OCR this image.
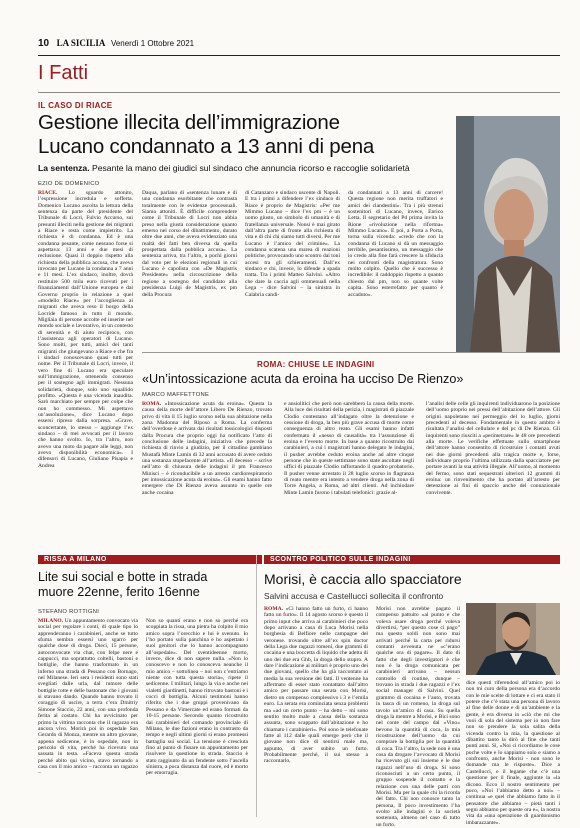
10 LA SICILIA Venerdì 1 Ottobre 2021
I Fatti
IL CASO DI RIACE
Gestione illecita dell’immigrazione
Lucano condannato a 13 anni di pena
La sentenza. Pesante la mano dei giudici sul sindaco che annuncia ricorso e raccoglie solidarietà
EZIO DE DOMENICO

RIACE. Lo sguardo attonito, l’espressione incredula e sofferta. Domenico Lucano ascolta la lettura della sentenza da parte del presidente del Tribunale di Locri, Fulvio Accurso, sui presunti illeciti nella gestione dei migranti a Riace e resta come impietrito. La richiesta è di condanna. Ed è una condanna pesante, come nessuno forse si aspettava: 13 anni e due mesi di reclusione. Quasi il doppio rispetto alla richiesta della pubblica accusa, che aveva invocato per Lucano la condanna a 7 anni e 11 mesi. L’ex sindaco, inoltre, dovrà restituire 500 mila euro ricevuti per i finanziamenti dall’Unione europea e dal Governo proprio in relazione a quel «modello Riace» per l’accoglienza ai migranti che aveva reso il borgo della Locride famoso in tutto il mondo. Migliaia di persone accolte ed inserite nel mondo sociale e lavorativo, in un contesto di serenità e di aiuto reciproco, con l’assistenza agli operatori di Lucano. Sono molti, per tutti, amici dei tanti migranti che giungevano a Riace e che fra i sindaci conoscevano quasi tutti per nome. Per il Tribunale di Locri, invece, il vero fine di Lucano era speculare sull’immigrazione, ottenendo consenso per il sostegno agli immigrati. Nessuna solidarietà, dunque, solo uno squallido profitto. «Questa è una vicenda inaudita. Sarò marchiato per sempre per colpe che non ho commesso. Mi aspettavo un’assoluzione», dice Lucano dopo essersi ripreso dalla sorpresa. «Grave, sconcertante, lo stesso – aggiunge l’ex sindaco – di mei avvocati per il lavoro che hanno svolto. Io, tra l’altro, non avevo una moto da pagare alle leggi, non avevo disponibilità economica». I difensori di Lucano, Giuliano Pisapia e Andrea

Daqua, parlano di «sentenza lunare e di una condanna esorbitante che contrasta totalmente con le evidenze processuali. Siamo attoniti. È difficile comprendere come il Tribunale di Locri non abbia preso nella giusta considerazione quanto emerso nel corso del dibattimento, durato oltre due anni, che aveva evidenziato una realtà dei fatti ben diversa da quella prospettata dalla pubblica accusa». La sentenza arriva, tra l’altro, a pochi giorni dal voto per le elezioni regionali in cui Lucano è capolista con «De Magistris Presidente» nella circoscrizione della regione a sostegno del candidato alla presidenza Luigi de Magistris, ex pm della Procura

di Catanzaro e sindaco uscente di Napoli. E tra i primi a difendere l’ex sindaco di Riace è proprio de Magistris: «Per me Mimmo Lucano – dice l’ex pm – è un uomo giusto, un simbolo di umanità e di fratellanza universale. Nonsi è mai girato dall’altra parte di fronte alla richiesta di vita e di chi chi siamo tutti diversi. Per me Lucano è l’amico del crimine». La condanna scatena una marea di reazioni politiche, provocando uno scontro dai toni accesi tra gli schieramenti. Dall’ex sindaco e chi, invece, lo difende a spada tratta. Tra i primi Matteo Salvini. «Altro che dare la caccia agli ommenuali nella Lega – dice Salvini – la sinistra in Calabria candi-

da condannati a 13 anni di carcere! Questa regione non merita truffatori e amici dei clandestini». Tra i più strenui sostenitori di Lucano, invece, Enrico Letta. Il segretario del Pd prima invita la Rione «rivoluzione nella riforma» Mimmo Lucano». E poi, a Porta a Porta, torna sulla vicenda: «credo che con la condanna di Lucano si dà un messaggio terribile, pesantissimo, un messaggio che io credo alla fine farà crescere la sfiducia nei confronti della magistratura. Sono molto colpito. Quello che è successo è incredibile: il raddoppio rispetto a quanto chiesto dal pm, non so quante volte capita. Sono esterrefatto per quanto è accaduto».

ROMA: CHIUSE LE INDAGINI
«Un’intossicazione acuta da eroina ha ucciso De Rienzo»
MARCO MAFFETTONE

ROMA. «Intossicazione acuta da eroina». Questa la causa della morte dell’attore Libero De Rienzo, trovato privo di vita il 15 luglio scorso nella sua abitazione nella zona Madonna del Riposo a Roma. La conferma dell’overdose è arrivata dai risultati tossicologici disposti dalla Procura che proprio oggi ha notificato l’atto di conclusione delle indagini, iniziativa che precede la richiesta di rinvio a giudizio, per il cittadino gambiano Mustafà Minte Lamin di 32 anni accusato di avere ceduto una sostanza stupefacente all’artista. «Il decesso – scrive nell’atto di chiusura delle indagini il pm Francesco Minisci – è riconducibile a un arresto cardiorespiratorio per intossicazione acuta da eroina». Gli esami hanno fatto emergere che Di Rienzo aveva assunto in quelle ore anche cocaina

e ansiolitici che però non sarebbero la causa della morte. Alla luce dei risultati della perizia, i magistrati di piazzale Clodio contestano all’indagato oltre la detenzione e cessione di droga, la ben più grave accusa di morte come conseguenza di altro reato. Gli esami hanno infatti confermato il «nesso di causalità» tra l’assunzione di eroina e l’evento morte. In base a quanto ricostruito dai carabinieri, a cui i magistrati hanno delegato le indagini, il pusher avrebbe ceduto eroina anche ad altre cinque persone che in queste settimane sono state ascoltate negli uffici di piazzale Clodio raffortando il quadro probatorio. Il pusher venne arrestato il 28 luglio scorso in flagranza di reato mentre era intento a vendere droga nella zona di Torre Angela, a Roma, ad altri clienti. Ad inchiodare Minte Lamin furono i tabulati telefonici: grazie al-

l’analisi delle celle gli inquirenti individuarono la posizione dell’uomo proprio nei pressi dell’abitazione dell’attore. Gli origini napoletane nei permeggio del lo luglio, giorni precedenti al decesso. Fondamentale in questo ambito è risultata l’analisi del cellulare e del pc di De Rienzo. Gli inquirenti sono riusciti a «perimetrare» le 48 ore precedenti alla morte. Le verifiche effettuate sullo smartphone dell’attore hanno consentito di ricostruire i contatti avuti nei due giorni precedenti alla tragica morte e, forse, individuare proprio l’ultima utilizzata dalla spacciatore per portare avanti la sua attività illegale. All’uomo, al momento del fermo, sono stati sequestrati ulteriori 12 grammi di eroina: un rinvenimento che ha portato all’arresto per detenzione ai fini di spaccio anche del connazionale convivente.

RISSA A MILANO
Lite sui social e botte in strada
muore 22enne, ferito 16enne
STEFANO ROTTIGNI

MILANO. Un appuntamento convocato via social per regolare i conti, di quale tipo lo apprenderanno i carabinieri, anche se tutto sfuma sembra essersi uno sgarro per qualche dose di droga. Dieci, 15 persone, autoconvocate via chat, con felpe nere e cappucci, ma soprattutto coltelli, bastoni e bottiglie, che hanno trasformato in un inferno una strada di Pessano con Bornago, nel Milanese. Ieri sera i residenti sono stati svegliati dalle urla, dal rumore delle bottiglie rotte e delle bastonate che i giovani si stavano dando. Quando hanno trovato il coraggio di uscire, a terra c’era Dmitriy Simone Staccio, 22 anni, con una profonda ferita al costato. Chi ha avvicinato per primo la vittima racconta che il ragazzo era ancora vivo. Morirà poi in ospedale San Gerardo di Monza, mentre un altro giovane, appena sedicenne, è in ospedale, non in pericolo di vita, perché ha ricevuto una sassata in testa. «Faceva questa strada perché abito qui vicino, stavo tornando a casa con il mio amico – racconta un ragazzo –

Non so quanti erano e non so perché era scoppiata la rissa, una pietra ha colpito il mio amico sopra l’orecchio e lui è svenuto. Io l’ho portato sulla panchina e ho aspettato i suoi genitori che lo hanno accompagnato all’ospedale». Del sventideenne morto, invece, dice di non sapere nulla. «Non lo conoscevo e non lo conosceva neanche il mio amico – sottolinea – noi non c’entriamo niente con tutta questa storia», ripete il sedicenne. I militari, lungo la via e anche nei vialetti giardinetti, hanno ritrovato bastoni e i cocci di bottiglia. Alcuni testimoni hanno riferito che i due gruppi provenivano da Pessano e da Vimercate ed erano formati da 10-15 persone. Secondo quanto ricostruito dai carabinieri del comando provinciale di Milano, le due fazioni erano in contrasto da tempo e negli ultimi giorni si erano promessi battaglia sui social. La tensione è cresciuta fino al punto di fissare un appuntamento per risolvere la questione in strada. Staccio è stato raggiunto da un fendente sotto l’ascella sinistra, a poca distanza dal cuore, ed è morto per emorragia.

SCONTRO POLITICO SULLE INDAGINI
Morisi, è caccia allo spacciatore
Salvini accusa e Castellucci sollecita il confronto

ROMA. «Ci hanno fatto un furto, ci hanno fatto un furto». Il 14 agosto scorso è questo il primo input che arriva ai carabinieri che poco dopo arrivano a casa di Luca Morisi nella borghesia di Belfiore nelle campagne del veronese. trovando oltre all’ex spin doctor della Lega due ragazzi romeni, due grammi di cocaina e una boccetta di liquido che adetta di uno dei due era Ghb, la droga dello stupro. A dare l’indicazione ai militari è proprio uno dei due giovani, quello che ha già raccontato ai media la sua versione dei fatti. Il ventenne ha affermato di esser stato contattato dall’altro amico per passare una serata con Morisi, dietro un compenso complessivo i 3 e l’emila euro. La serata era cominciata senza problemi ma «ad un certo punto – ha detto – mi sono sentito molto male a causa della sostanza assunta, sono scappato dall’abitazione e ho chiamato i carabinieri». Poi sono le telefonate fatte al 112 dalle quali emerge però che il giovane non dice di sentirsi male ma, appunto, di aver subito un furto. Probabilmente perché, il sui stesso a raccontarlo,

Morisi non avrebbe pagato il compenso pattuito «al punto e che voleva usare droga perché voleva divertirsi, “per questo cose ci pago” ma questo soldi non sono mai arrivati perché la carta per ridursi contanti avvenuta ne «c’erano qualche ora di pagare». Il dato di fatto che degli investigatori è che non è la droga comunicata per carabinieri arrivano – nessun controllo di routine, dunque – trovano in strada i due ragazzi e l’ex social manager di Salvini. Quel grammo di cocaina e l’auto, trovata in tasca di un romeno, la droga sul tavolo un’amico di casa. Su quella droga la mentre a Morisi, e Bici sono nel conte del campo dal «Vino» bevono la quantità di coca, la mia ricostruzione dell’uomo da cui comprare la bottiglia per la quantità di coca. Tra l’altro, la sede non è una cosa da drogare l’avvocato di Morisi ha ricevuto gli sui insieme e le due ragazzi nell’uso di droga. Si sono riconosciuti a un certo punto, il gruppo sospende il contatto e la relazione con una delle parti con Morisi. Ma per la quale chi la ricorda del fatto. Chi non conosce tanto la persona, Il poco investimento l’ha svolto alle indagini e la società sostenuta, almeno nel caso di tutto un furto.

dice questi riferendosi all’amico poi io non mi curo della persona era d’accordo con le mie scelte di lottare e ci era stato il potere che c’è stata una persona di lavoro al fine delle donne e di un’ambiente e la gente, è era diversa in «ciò che mi che vuoi di sola del sistema per io non fare non so prendere la sola salita della vicenda contro la mia, la questione al dibattito tanto la dirò al fine che tanti punti anni. Si, «Noi ci ricordiamo le cose poche volte e lo sappiamo solo e siamo a confronto, anche Morisi - non sono le domande ma le risposte». Dice a Castellucci, e il legame che c’è una questione per il finale, aggiunte la «la dicono. Ecco il nostro sentimento per poco, «Noi l’abbiamo detto a noi» – continua «e quel che abbiamo fatto in il pensatore che abbiamo – pietà tanti i segni abbiamo per queste ora e», la nostra vita da «una operazione di guardonismo imbarazzante».
